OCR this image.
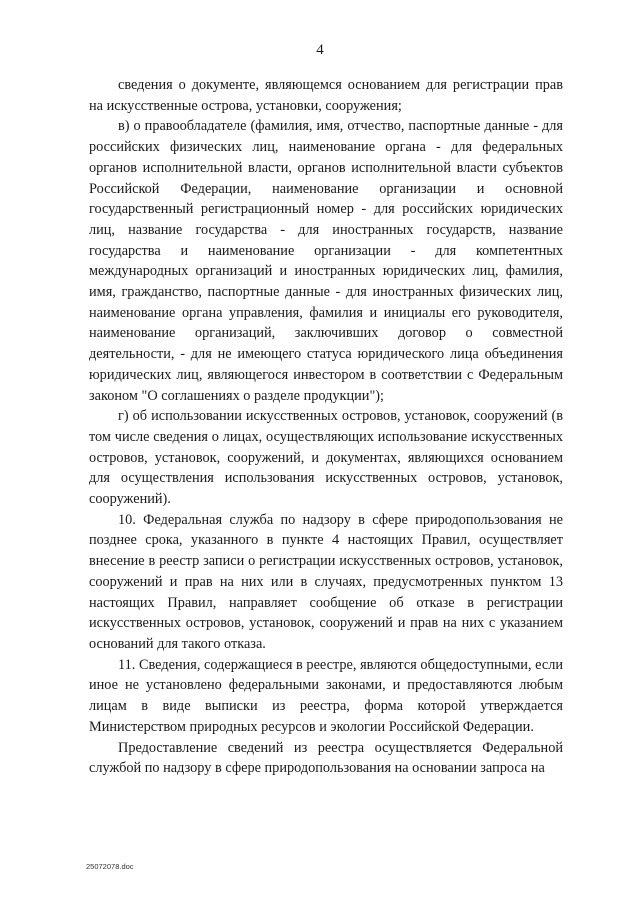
4

сведения о документе, являющемся основанием для регистрации прав на искусственные острова, установки, сооружения;

в) о правообладателе (фамилия, имя, отчество, паспортные данные - для российских физических лиц, наименование органа - для федеральных органов исполнительной власти, органов исполнительной власти субъектов Российской Федерации, наименование организации и основной государственный регистрационный номер - для российских юридических лиц, название государства - для иностранных государств, название государства и наименование организации - для компетентных международных организаций и иностранных юридических лиц, фамилия, имя, гражданство, паспортные данные - для иностранных физических лиц, наименование органа управления, фамилия и инициалы его руководителя, наименование организаций, заключивших договор о совместной деятельности, - для не имеющего статуса юридического лица объединения юридических лиц, являющегося инвестором в соответствии с Федеральным законом "О соглашениях о разделе продукции");

г) об использовании искусственных островов, установок, сооружений (в том числе сведения о лицах, осуществляющих использование искусственных островов, установок, сооружений, и документах, являющихся основанием для осуществления использования искусственных островов, установок, сооружений).

10. Федеральная служба по надзору в сфере природопользования не позднее срока, указанного в пункте 4 настоящих Правил, осуществляет внесение в реестр записи о регистрации искусственных островов, установок, сооружений и прав на них или в случаях, предусмотренных пунктом 13 настоящих Правил, направляет сообщение об отказе в регистрации искусственных островов, установок, сооружений и прав на них с указанием оснований для такого отказа.

11. Сведения, содержащиеся в реестре, являются общедоступными, если иное не установлено федеральными законами, и предоставляются любым лицам в виде выписки из реестра, форма которой утверждается Министерством природных ресурсов и экологии Российской Федерации.

Предоставление сведений из реестра осуществляется Федеральной службой по надзору в сфере природопользования на основании запроса на

25072078.doc
